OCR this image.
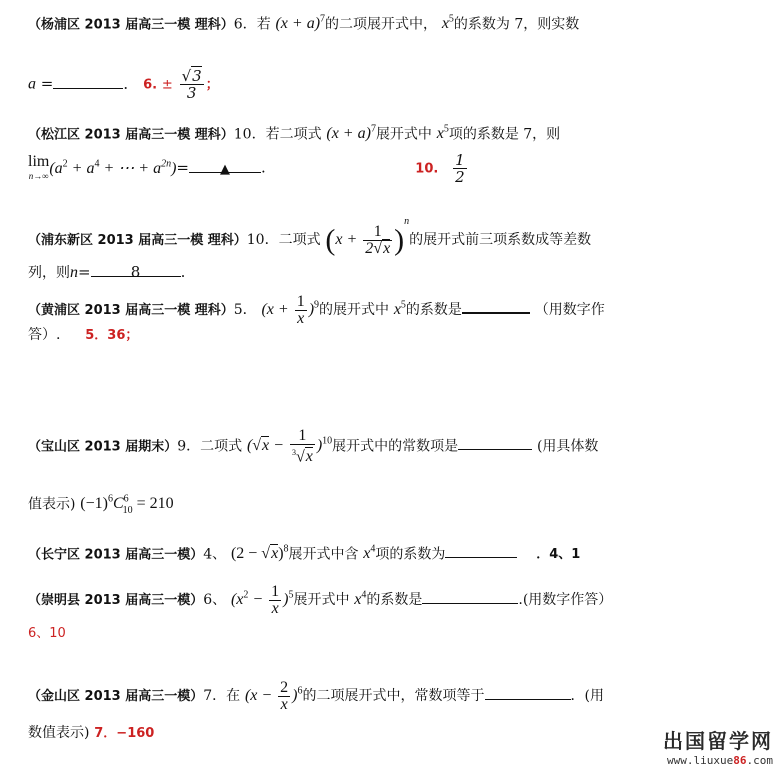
（杨浦区 2013 届高三一模 理科）6．若 $(x + a)^7$的二项展开式中， $x^5$的系数为 7，则实数
a =	． 6. ± $\frac{√3}{3}$ ；
（松江区 2013 届高三一模 理科）10．若二项式 $(x + a)^7$展开式中 $x^5$项的系数是 7，则
lim
n→∞ ($a^2 + a^4$ + ⋯ + $a^{2n})=$ ▲ .	10. $\frac{1}{2}$
（浦东新区 2013 届高三一模 理科）10．二项式 $(x + \frac{1}{2√x} )^n$的展开式前三项系数成等差数
列，则n=	8	.
（黄浦区 2013 届高三一模 理科）5． $(x + \frac{1}{x} )^9$的展开式中 $x^5$的系数是	（用数字作
答）. 5．36；
（宝山区 2013 届期末）9．二项式 $(√x - \frac{1}{^3√x} )^{10}$展开式中的常数项是	(用具体数
值表示) $(-1)^6C^6_{10} = 210$
（长宁区 2013 届高三一模）4、 $(2 - √x)^8$展开式中含 $x^4$项的系数为	．4、1
（崇明县 2013 届高三一模）6、 $(x^2 - \frac{1}{x} )^5$展开式中 $x^4$的系数是	.(用数字作答）
6、10
（金山区 2013 届高三一模）7．在 $(x - \frac{2}{x} )^6$的二项展开式中，常数项等于	．(用
数值表示) 7．−160	出国留学网
www.liuxue86.com
